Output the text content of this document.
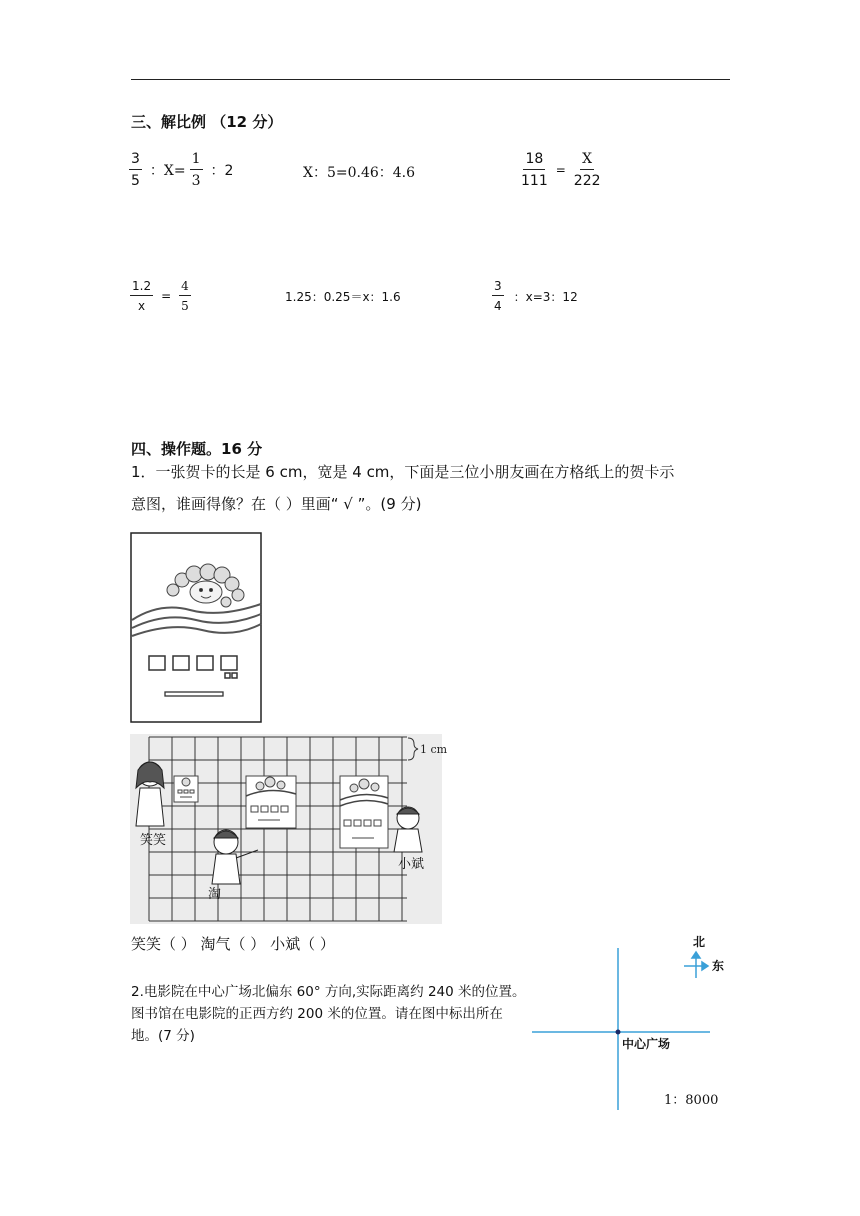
三、解比例 （12 分）
$\frac{3}{5}$ ：$X= \frac{1}{3}$ ：2	X：5=0.46：4.6	$\frac{18}{111} = \frac{X}{222}$
$\frac{1.2}{x} = \frac{4}{5}$	1.25：0.25＝x：1.6	$\frac{3}{4}$ ：x=3：12
四、操作题。16 分
1．一张贺卡的长是 6 cm，宽是 4 cm，下面是三位小朋友画在方格纸上的贺卡示
意图，谁画得像？在（ ）里画“ √ ”。(9 分)
1 cm
笑笑
淘
小斌
笑笑（ ） 淘气（ ） 小斌（ ）
2.电影院在中心广场北偏东 60° 方向,实际距离约 240 米的位置。图书馆在电影院的正西方约 200 米的位置。请在图中标出所在地。(7 分)
北
东
中心广场
1：8000
